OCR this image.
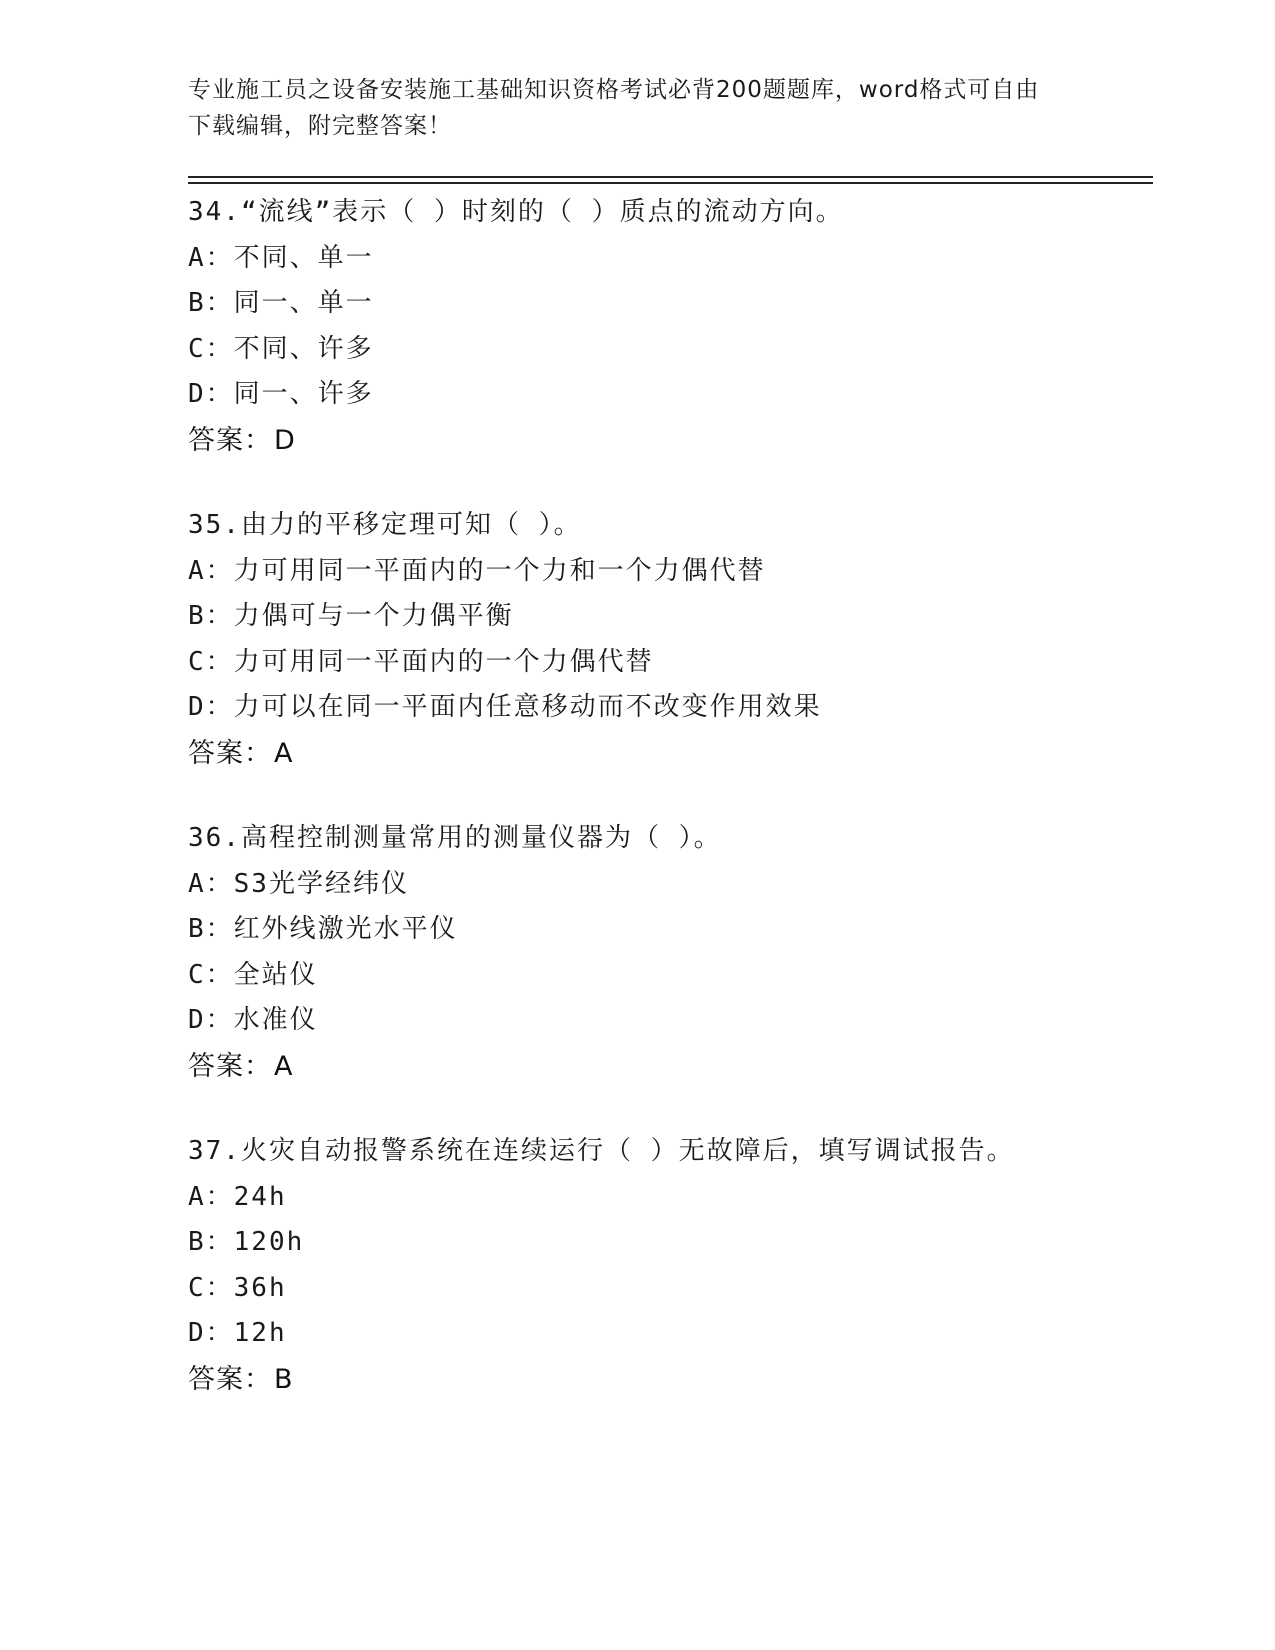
专业施工员之设备安装施工基础知识资格考试必背200题题库，word格式可自由
下载编辑，附完整答案！
34.“流线”表示（ ）时刻的（ ）质点的流动方向。
A：不同、单一
B：同一、单一
C：不同、许多
D：同一、许多
答案：D
35.由力的平移定理可知（ ）。
A：力可用同一平面内的一个力和一个力偶代替
B：力偶可与一个力偶平衡
C：力可用同一平面内的一个力偶代替
D：力可以在同一平面内任意移动而不改变作用效果
答案：A
36.高程控制测量常用的测量仪器为（ ）。
A：S3光学经纬仪
B：红外线激光水平仪
C：全站仪
D：水准仪
答案：A
37.火灾自动报警系统在连续运行（ ）无故障后，填写调试报告。
A：24h
B：120h
C：36h
D：12h
答案：B
